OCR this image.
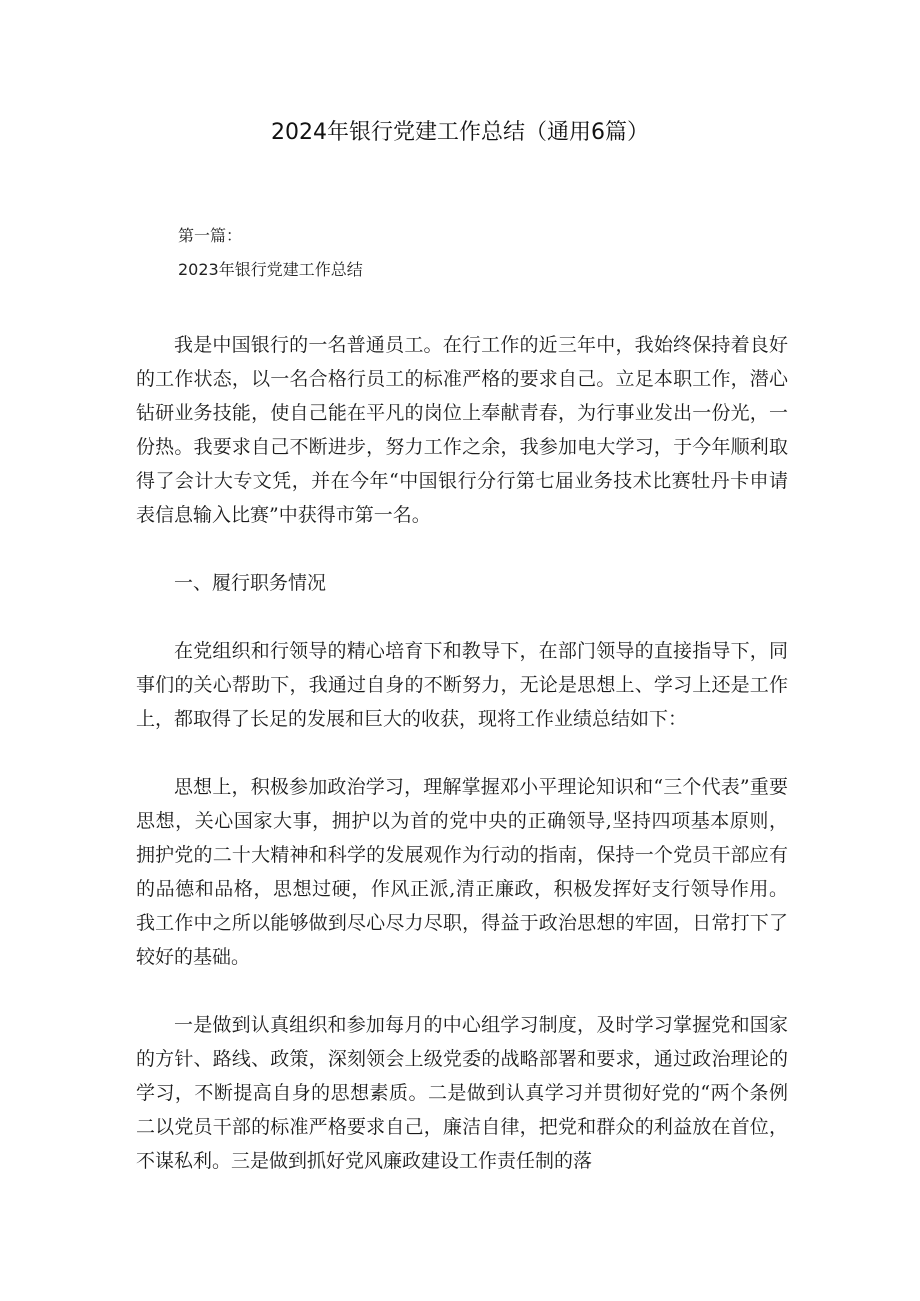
2024年银行党建工作总结（通用6篇）
第一篇：
2023年银行党建工作总结

我是中国银行的一名普通员工。在行工作的近三年中，我始终保持着良好的工作状态，以一名合格行员工的标准严格的要求自己。立足本职工作，潜心钻研业务技能，使自己能在平凡的岗位上奉献青春，为行事业发出一份光，一份热。我要求自己不断进步，努力工作之余，我参加电大学习，于今年顺利取得了会计大专文凭，并在今年“中国银行分行第七届业务技术比赛牡丹卡申请表信息输入比赛”中获得市第一名。

一、履行职务情况

在党组织和行领导的精心培育下和教导下，在部门领导的直接指导下，同事们的关心帮助下，我通过自身的不断努力，无论是思想上、学习上还是工作上，都取得了长足的发展和巨大的收获，现将工作业绩总结如下：

思想上，积极参加政治学习，理解掌握邓小平理论知识和“三个代表”重要思想，关心国家大事，拥护以为首的党中央的正确领导,坚持四项基本原则，拥护党的二十大精神和科学的发展观作为行动的指南，保持一个党员干部应有的品德和品格，思想过硬，作风正派,清正廉政，积极发挥好支行领导作用。我工作中之所以能够做到尽心尽力尽职，得益于政治思想的牢固，日常打下了较好的基础。

一是做到认真组织和参加每月的中心组学习制度，及时学习掌握党和国家的方针、路线、政策，深刻领会上级党委的战略部署和要求，通过政治理论的学习，不断提高自身的思想素质。二是做到认真学习并贯彻好党的“两个条例二以党员干部的标准严格要求自己，廉洁自律，把党和群众的利益放在首位，不谋私利。三是做到抓好党风廉政建设工作责任制的落
